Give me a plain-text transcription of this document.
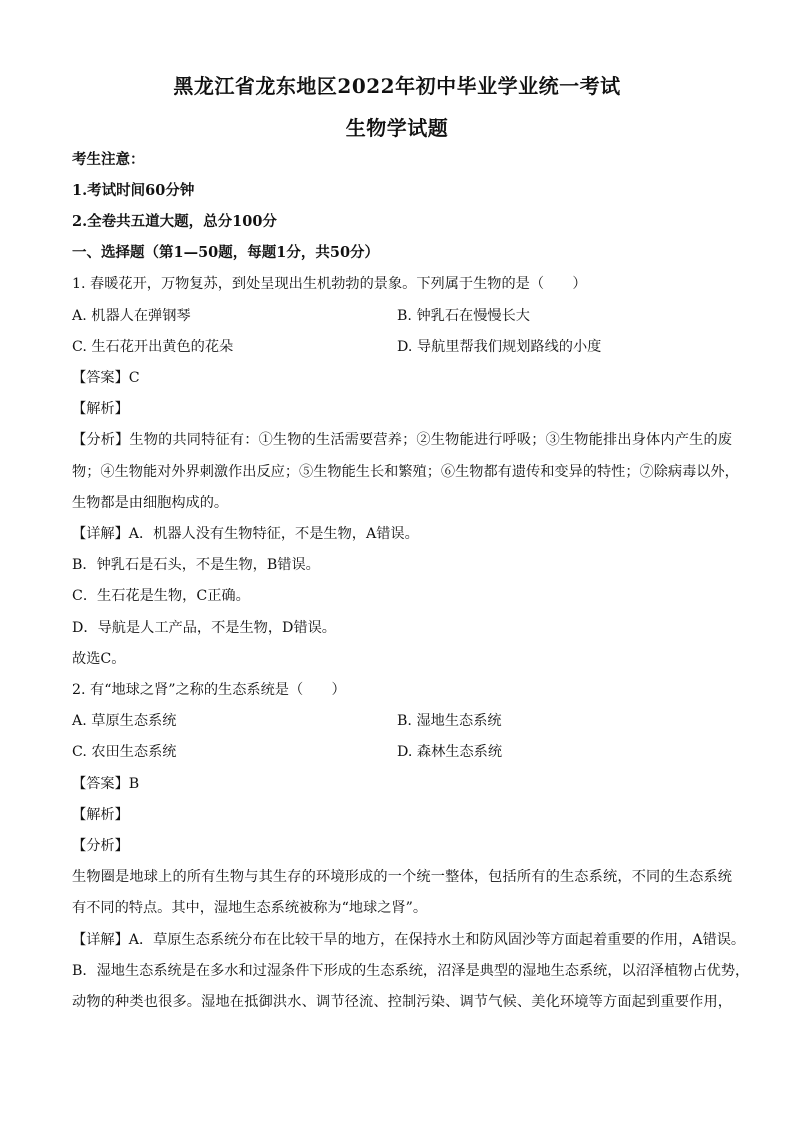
黑龙江省龙东地区2022年初中毕业学业统一考试
生物学试题
考生注意：
1.考试时间60分钟
2.全卷共五道大题，总分100分
一、选择题（第1—50题，每题1分，共50分）
1. 春暖花开，万物复苏，到处呈现出生机勃勃的景象。下列属于生物的是（　　）
A. 机器人在弹钢琴	B. 钟乳石在慢慢长大
C. 生石花开出黄色的花朵	D. 导航里帮我们规划路线的小度
【答案】C
【解析】
【分析】生物的共同特征有：①生物的生活需要营养；②生物能进行呼吸；③生物能排出身体内产生的废
物；④生物能对外界刺激作出反应；⑤生物能生长和繁殖；⑥生物都有遗传和变异的特性；⑦除病毒以外，
生物都是由细胞构成的。
【详解】A．机器人没有生物特征，不是生物，A错误。
B．钟乳石是石头，不是生物，B错误。
C．生石花是生物，C正确。
D．导航是人工产品，不是生物，D错误。
故选C。
2. 有“地球之肾”之称的生态系统是（　　）
A. 草原生态系统	B. 湿地生态系统
C. 农田生态系统	D. 森林生态系统
【答案】B
【解析】
【分析】
生物圈是地球上的所有生物与其生存的环境形成的一个统一整体，包括所有的生态系统，不同的生态系统
有不同的特点。其中，湿地生态系统被称为“地球之肾”。
【详解】A．草原生态系统分布在比较干旱的地方，在保持水土和防风固沙等方面起着重要的作用，A错误。
B．湿地生态系统是在多水和过湿条件下形成的生态系统，沼泽是典型的湿地生态系统，以沼泽植物占优势，
动物的种类也很多。湿地在抵御洪水、调节径流、控制污染、调节气候、美化环境等方面起到重要作用，
